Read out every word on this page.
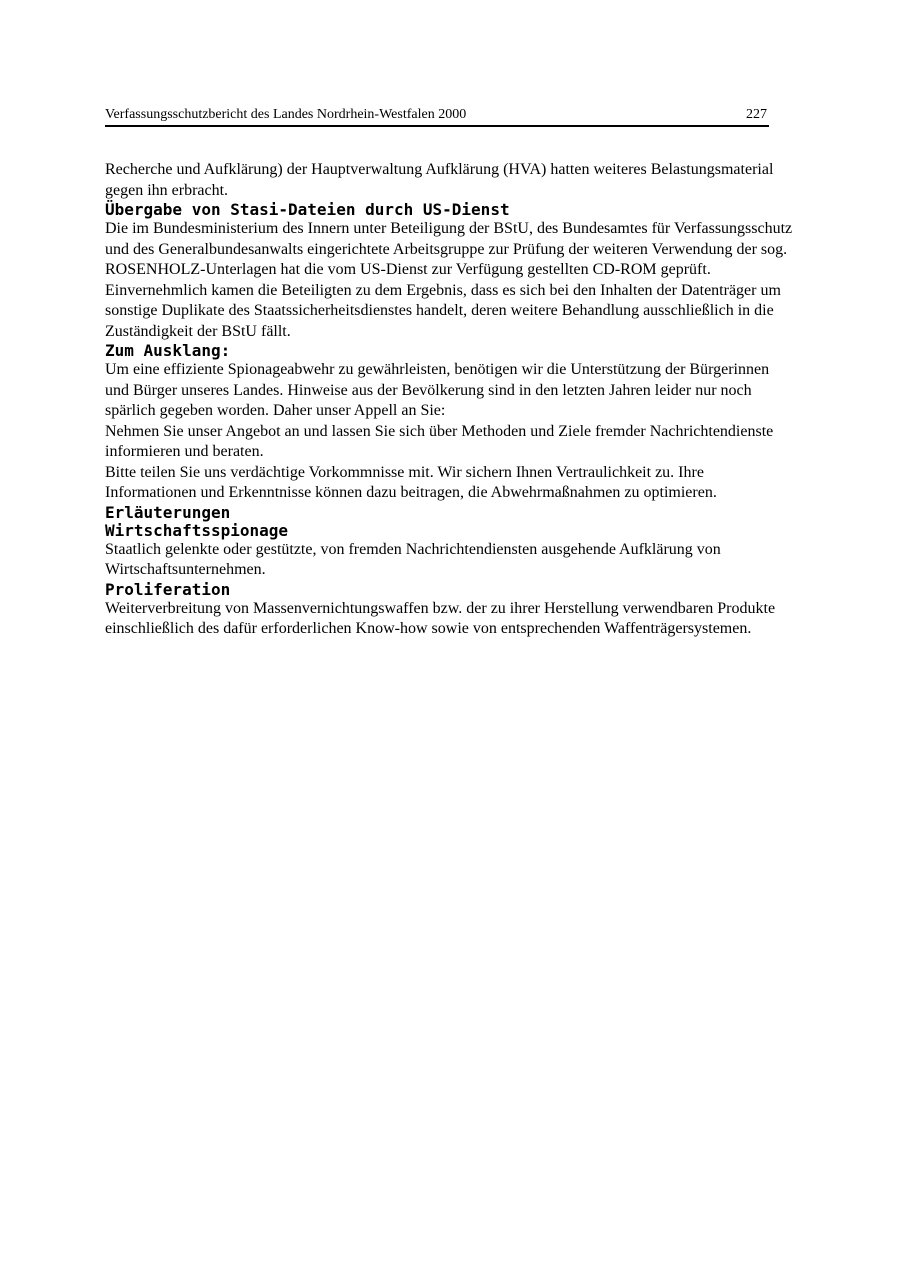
Verfassungsschutzbericht des Landes Nordrhein-Westfalen 2000	227

Recherche und Aufklärung) der Hauptverwaltung Aufklärung (HVA) hatten weiteres Belastungsmaterial gegen ihn erbracht.

Übergabe von Stasi-Dateien durch US-Dienst

Die im Bundesministerium des Innern unter Beteiligung der BStU, des Bundesamtes für Verfassungsschutz und des Generalbundesanwalts eingerichtete Arbeitsgruppe zur Prüfung der weiteren Verwendung der sog. ROSENHOLZ-Unterlagen hat die vom US-Dienst zur Verfügung gestellten CD-ROM geprüft.

Einvernehmlich kamen die Beteiligten zu dem Ergebnis, dass es sich bei den Inhalten der Datenträger um sonstige Duplikate des Staatssicherheitsdienstes handelt, deren weitere Behandlung ausschließlich in die Zuständigkeit der BStU fällt.

Zum Ausklang:

Um eine effiziente Spionageabwehr zu gewährleisten, benötigen wir die Unterstützung der Bürgerinnen und Bürger unseres Landes. Hinweise aus der Bevölkerung sind in den letzten Jahren leider nur noch spärlich gegeben worden. Daher unser Appell an Sie:

Nehmen Sie unser Angebot an und lassen Sie sich über Methoden und Ziele fremder Nachrichtendienste informieren und beraten.

Bitte teilen Sie uns verdächtige Vorkommnisse mit. Wir sichern Ihnen Vertraulichkeit zu. Ihre Informationen und Erkenntnisse können dazu beitragen, die Abwehrmaßnahmen zu optimieren.

Erläuterungen
Wirtschaftsspionage

Staatlich gelenkte oder gestützte, von fremden Nachrichtendiensten ausgehende Aufklärung von Wirtschaftsunternehmen.

Proliferation

Weiterverbreitung von Massenvernichtungswaffen bzw. der zu ihrer Herstellung verwendbaren Produkte einschließlich des dafür erforderlichen Know-how sowie von entsprechenden Waffenträgersystemen.
